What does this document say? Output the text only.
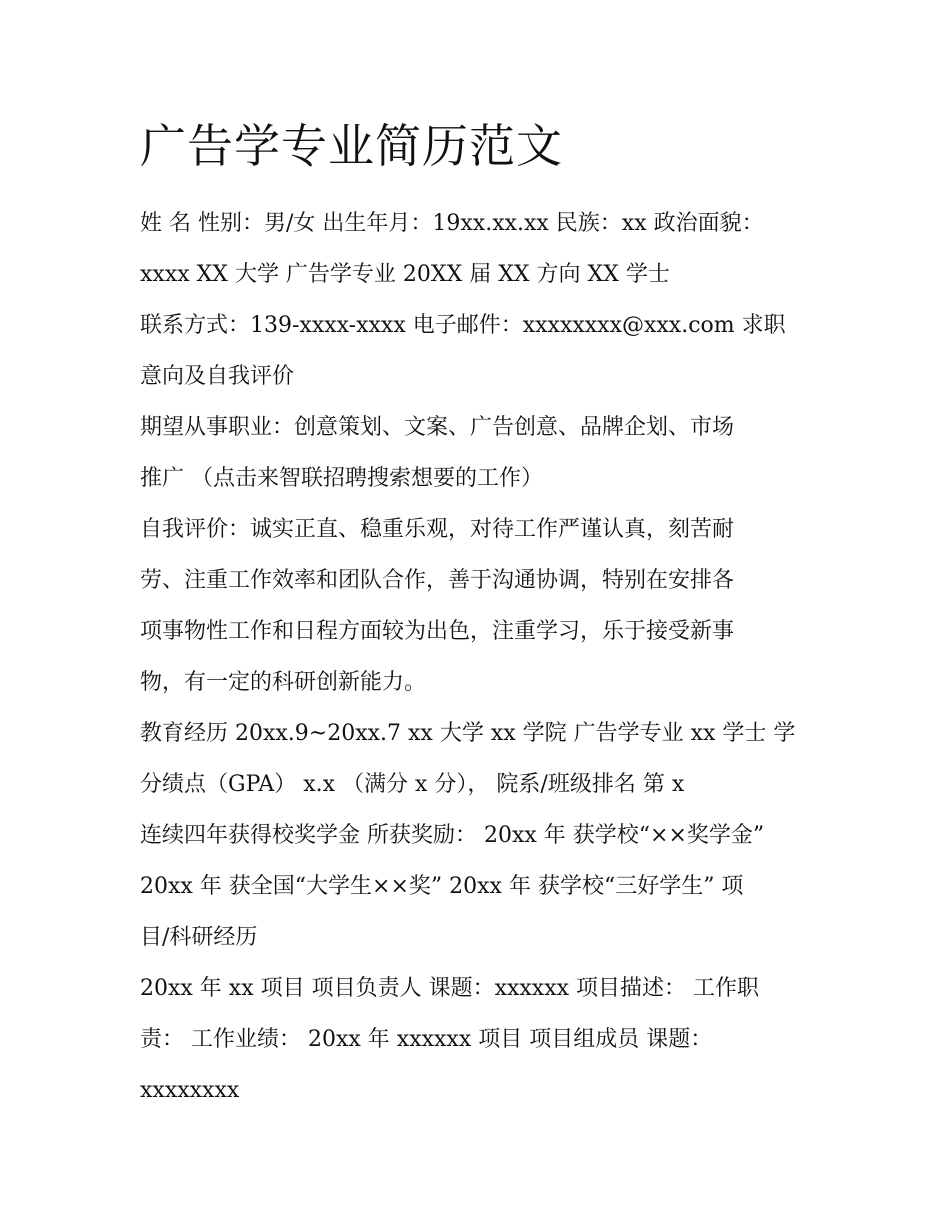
广告学专业简历范文
姓 名 性别：男/女 出生年月：19xx.xx.xx 民族：xx 政治面貌：
xxxx XX 大学 广告学专业 20XX 届 XX 方向 XX 学士
联系方式：139-xxxx-xxxx 电子邮件：xxxxxxxx@xxx.com 求职
意向及自我评价
期望从事职业：创意策划、文案、广告创意、品牌企划、市场
推广 （点击来智联招聘搜索想要的工作）
自我评价：诚实正直、稳重乐观，对待工作严谨认真，刻苦耐
劳、注重工作效率和团队合作，善于沟通协调，特别在安排各
项事物性工作和日程方面较为出色，注重学习，乐于接受新事
物，有一定的科研创新能力。
教育经历 20xx.9~20xx.7 xx 大学 xx 学院 广告学专业 xx 学士 学
分绩点（GPA） x.x （满分 x 分）， 院系/班级排名 第 x
连续四年获得校奖学金 所获奖励： 20xx 年 获学校“××奖学金”
20xx 年 获全国“大学生××奖” 20xx 年 获学校“三好学生” 项
目/科研经历
20xx 年 xx 项目 项目负责人 课题：xxxxxx 项目描述： 工作职
责： 工作业绩： 20xx 年 xxxxxx 项目 项目组成员 课题：
xxxxxxxx
